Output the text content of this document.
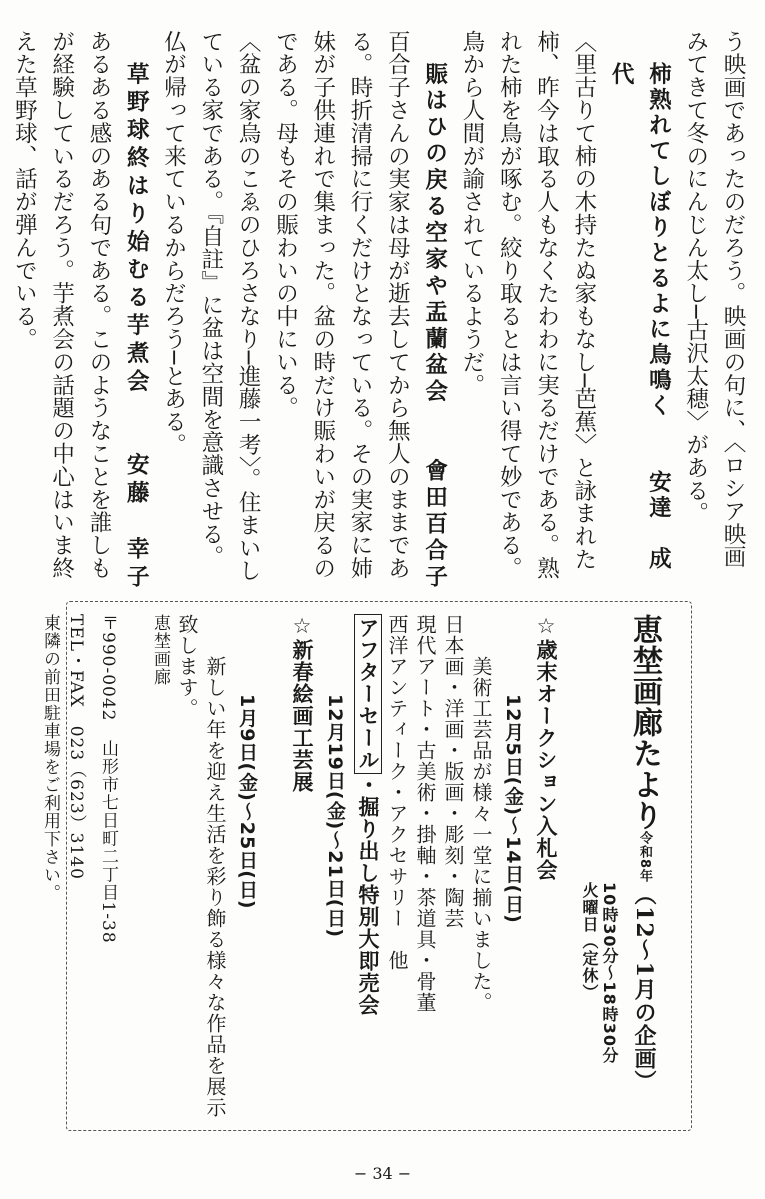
う映画であったのだろう。映画の句に、〈ロシア映画みてきて冬のにんじん太し─古沢太穂〉がある。

柿熟れてしぼりとるよに鳥鳴く　　安達　成代

〈里古りて柿の木持たぬ家もなし─芭蕉〉と詠まれた柿、昨今は取る人もなくたわわに実るだけである。熟れた柿を鳥が啄む。絞り取るとは言い得て妙である。鳥から人間が諭されているようだ。

賑はひの戻る空家や盂蘭盆会　　會田百合子

百合子さんの実家は母が逝去してから無人のままである。時折清掃に行くだけとなっている。その実家に姉妹が子供連れで集まった。盆の時だけ賑わいが戻るのである。母もその賑わいの中にいる。

〈盆の家烏のこゑのひろさなり─進藤一考〉。住まいしている家である。『自註』に盆は空間を意識させる。仏が帰って来ているからだろう─とある。

草野球終はり始むる芋煮会　　安藤　幸子

あるある感のある句である。このようなことを誰しもが経験しているだろう。芋煮会の話題の中心はいま終えた草野球、話が弾んでいる。

恵埜画廊たより令和8年（12〜1月の企画）
10時30分〜18時30分
火曜日（定休）
☆歳末オークション入札会
12月5日(金)〜14日(日)
美術工芸品が様々一堂に揃いました。
日本画・洋画・版画・彫刻・陶芸
現代アート・古美術・掛軸・茶道具・骨董
西洋アンティーク・アクセサリー　他
アフターセール・掘り出し特別大即売会
12月19日(金)〜21日(日)
☆新春絵画工芸展
1月9日(金)〜25日(日)
新しい年を迎え生活を彩り飾る様々な作品を展示
致します。
恵埜画廊
〒990-0042　山形市七日町二丁目1-38
TEL・FAX　023（623）3140
東隣の前田駐車場をご利用下さい。
− 34 −
